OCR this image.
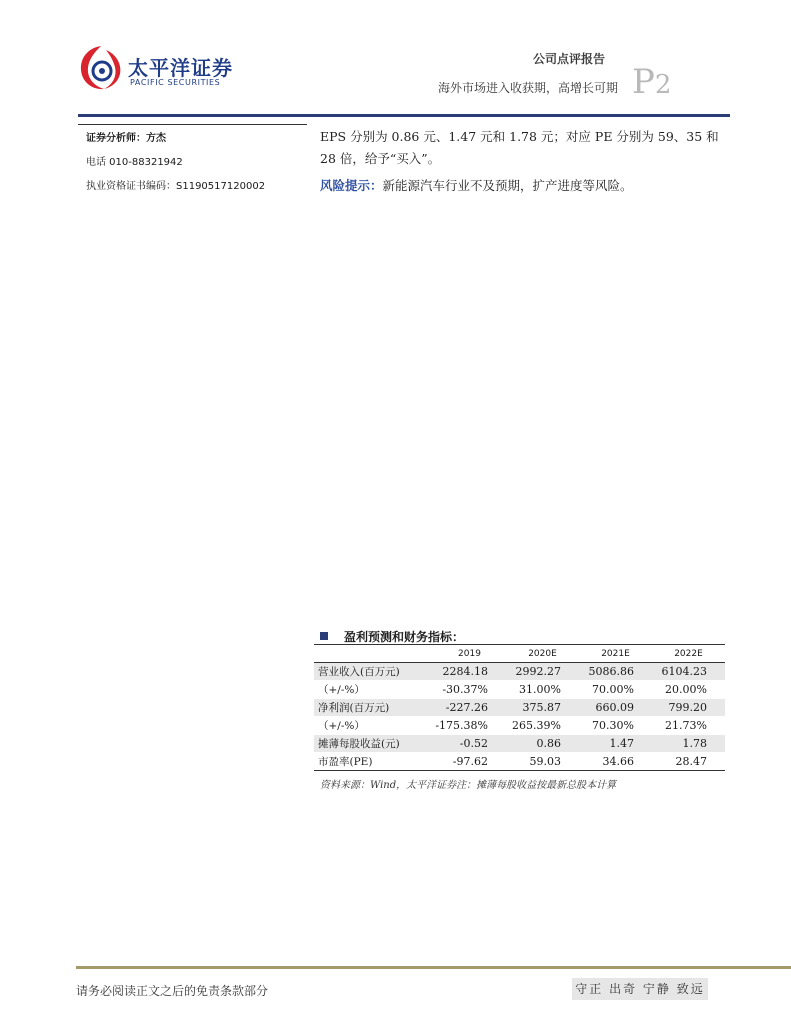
太平洋证券
PACIFIC SECURITIES
公司点评报告
海外市场进入收获期，高增长可期 P2
证券分析师：方杰
电话 010-88321942
执业资格证书编码：S1190517120002
EPS 分别为 0.86 元、1.47 元和 1.78 元；对应 PE 分别为 59、35 和 28 倍，给予“买入”。
风险提示：新能源汽车行业不及预期，扩产进度等风险。
盈利预测和财务指标：
	2019	2020E	2021E	2022E
营业收入(百万元)	2284.18	2992.27	5086.86	6104.23
（+/-%）	-30.37%	31.00%	70.00%	20.00%
净利润(百万元)	-227.26	375.87	660.09	799.20
（+/-%）	-175.38%	265.39%	70.30%	21.73%
摊薄每股收益(元)	-0.52	0.86	1.47	1.78
市盈率(PE)	-97.62	59.03	34.66	28.47
资料来源：Wind，太平洋证券注：摊薄每股收益按最新总股本计算
请务必阅读正文之后的免责条款部分	守正 出奇 宁静 致远
